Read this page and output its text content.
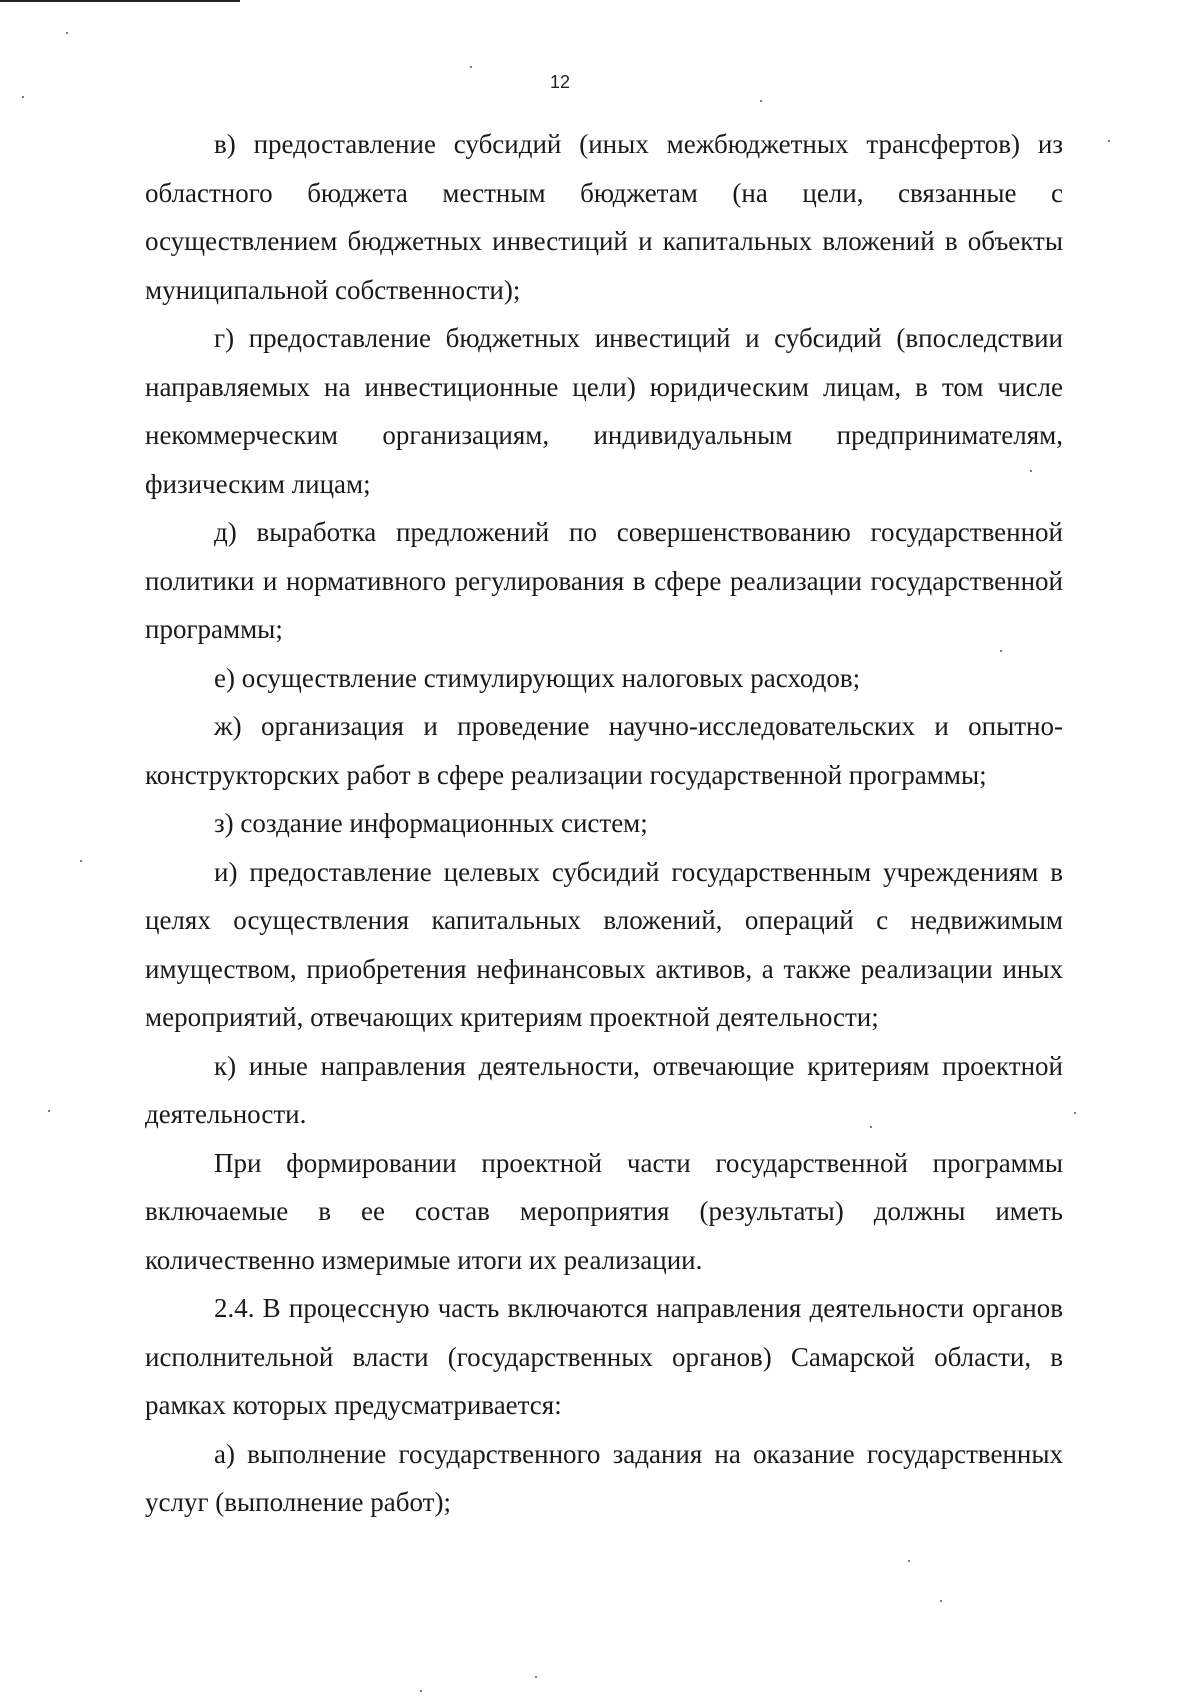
12

в) предоставление субсидий (иных межбюджетных трансфертов) из областного бюджета местным бюджетам (на цели, связанные с осуществлением бюджетных инвестиций и капитальных вложений в объекты муниципальной собственности);

г) предоставление бюджетных инвестиций и субсидий (впоследствии направляемых на инвестиционные цели) юридическим лицам, в том числе некоммерческим организациям, индивидуальным предпринимателям, физическим лицам;

д) выработка предложений по совершенствованию государственной политики и нормативного регулирования в сфере реализации государственной программы;

е) осуществление стимулирующих налоговых расходов;

ж) организация и проведение научно-исследовательских и опытно-конструкторских работ в сфере реализации государственной программы;

з) создание информационных систем;

и) предоставление целевых субсидий государственным учреждениям в целях осуществления капитальных вложений, операций с недвижимым имуществом, приобретения нефинансовых активов, а также реализации иных мероприятий, отвечающих критериям проектной деятельности;

к) иные направления деятельности, отвечающие критериям проектной деятельности.

При формировании проектной части государственной программы включаемые в ее состав мероприятия (результаты) должны иметь количественно измеримые итоги их реализации.

2.4. В процессную часть включаются направления деятельности органов исполнительной власти (государственных органов) Самарской области, в рамках которых предусматривается:

а) выполнение государственного задания на оказание государственных услуг (выполнение работ);
